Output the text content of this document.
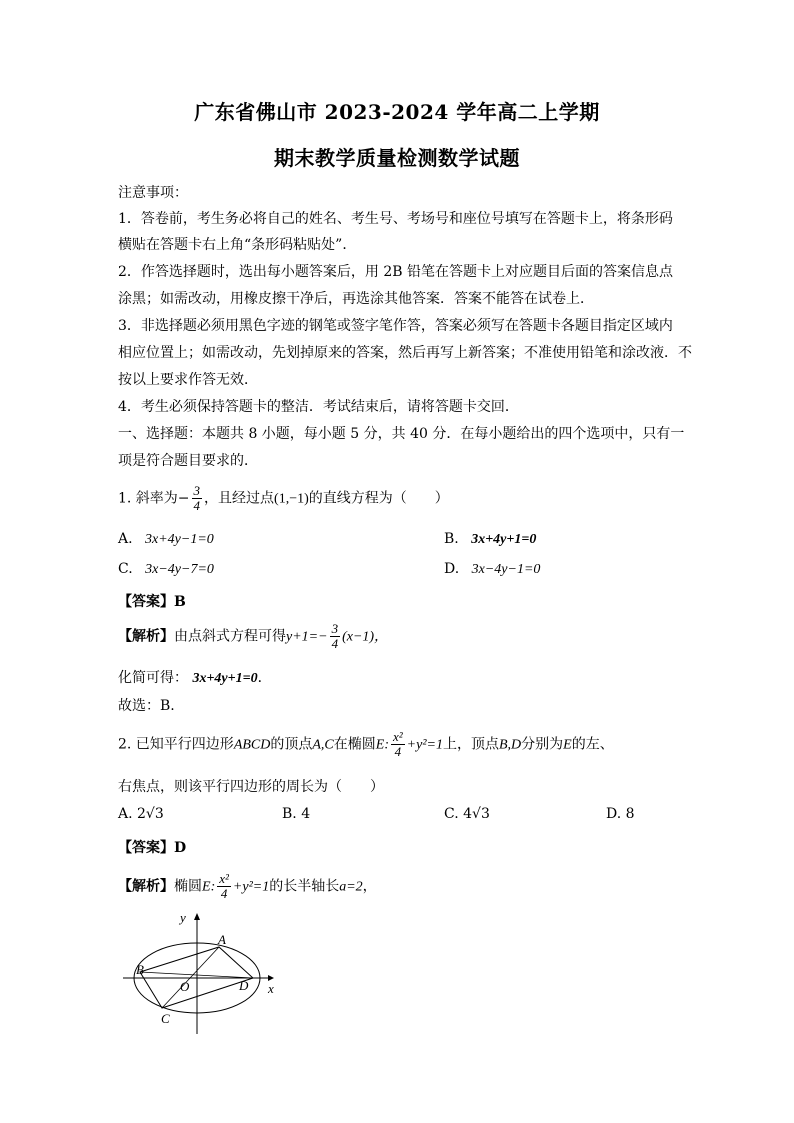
广东省佛山市 2023-2024 学年高二上学期
期末教学质量检测数学试题
注意事项：
1．答卷前，考生务必将自己的姓名、考生号、考场号和座位号填写在答题卡上，将条形码
横贴在答题卡右上角“条形码粘贴处”．
2．作答选择题时，选出每小题答案后，用 2B 铅笔在答题卡上对应题目后面的答案信息点
涂黑；如需改动，用橡皮擦干净后，再选涂其他答案．答案不能答在试卷上．
3．非选择题必须用黑色字迹的钢笔或签字笔作答，答案必须写在答题卡各题目指定区域内
相应位置上；如需改动，先划掉原来的答案，然后再写上新答案；不准使用铅笔和涂改液．不
按以上要求作答无效．
4．考生必须保持答题卡的整洁．考试结束后，请将答题卡交回．
一、选择题：本题共 8 小题，每小题 5 分，共 40 分．在每小题给出的四个选项中，只有一
项是符合题目要求的．
1. 斜率为− $\frac{3}{4}$ ，且经过点(1,−1)的直线方程为（　　）
A. 3x+4y−1=0	B. 3x+4y+1=0
C. 3x−4y−7=0	D. 3x−4y−1=0
【答案】B
【解析】由点斜式方程可得$y+1=- \frac{3}{4} (x-1)$，
化简可得： 3x+4y+1=0．
故选：B.
2. 已知平行四边形ABCD的顶点A,C在椭圆E: $\frac{\text{x²}}{4} +y^2=1$上，顶点B,D分别为E的左、
右焦点，则该平行四边形的周长为（　　）
A. 2√3	B. 4	C. 4√3	D. 8
【答案】D
【解析】椭圆E: $\frac{\text{x²}}{4} +y^2=1$的长半轴长a=2，
y
x
A
B
C
D
O
